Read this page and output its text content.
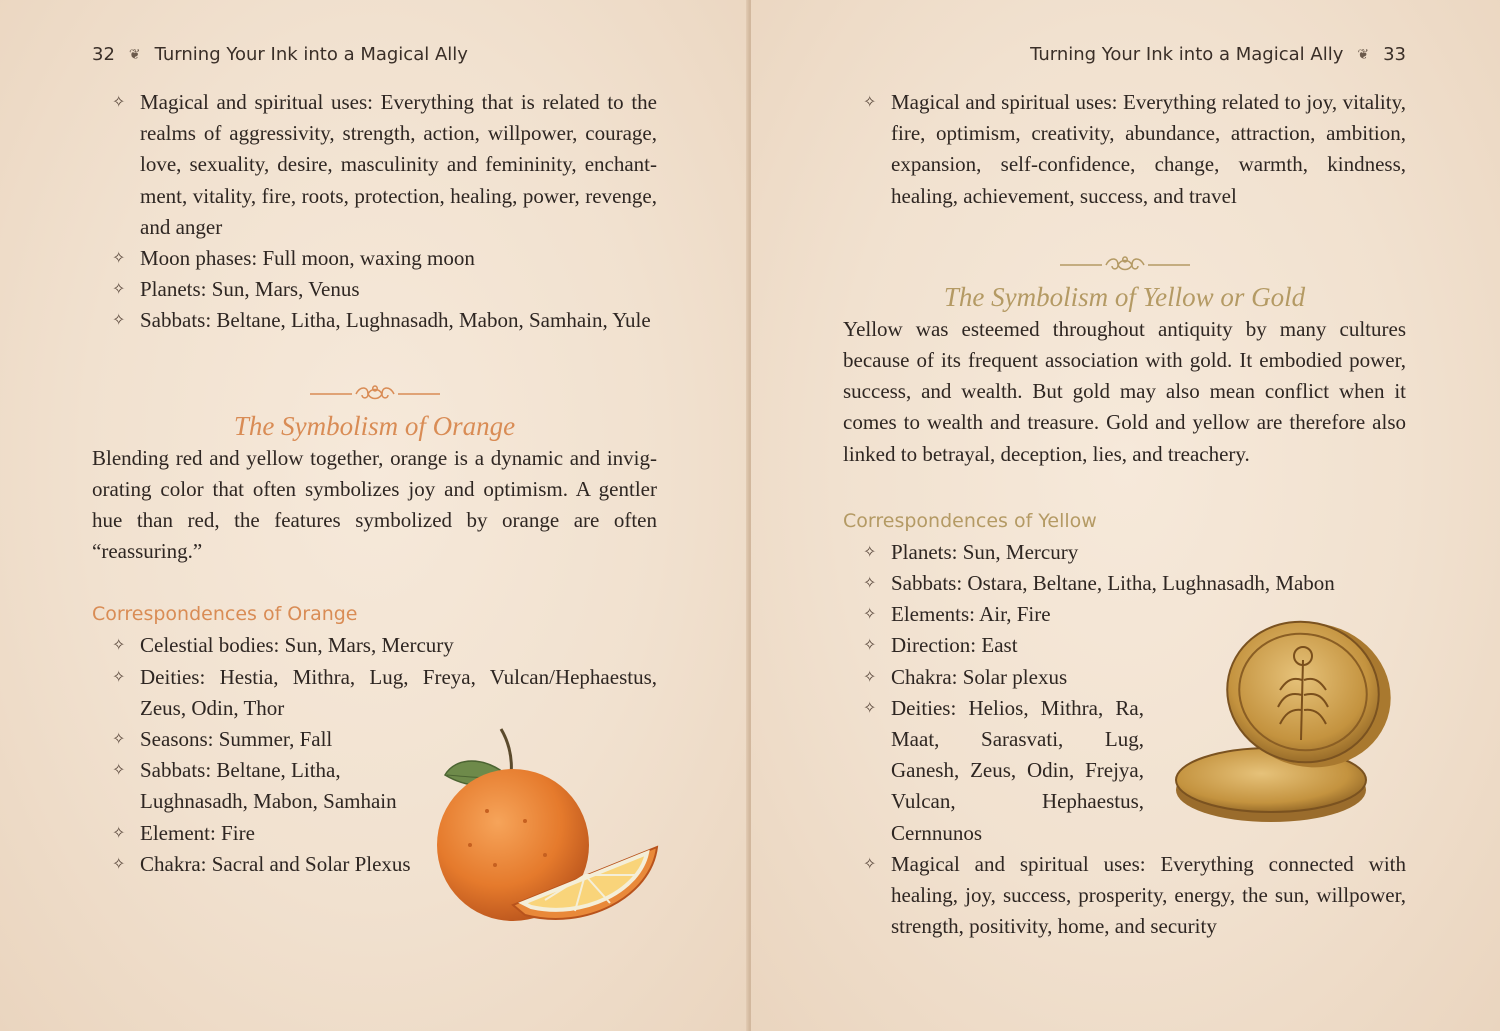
32 ❦ Turning Your Ink into a Magical Ally
✧ Magical and spiritual uses: Everything that is related to the realms of aggressivity, strength, action, willpower, courage, love, sexuality, desire, masculinity and femininity, enchantment, vitality, fire, roots, protection, healing, power, revenge, and anger
✧ Moon phases: Full moon, waxing moon
✧ Planets: Sun, Mars, Venus
✧ Sabbats: Beltane, Litha, Lughnasadh, Mabon, Samhain, Yule
The Symbolism of Orange

Blending red and yellow together, orange is a dynamic and invigorating color that often symbolizes joy and optimism. A gentler hue than red, the features symbolized by orange are often “reassuring.”

Correspondences of Orange

✧ Celestial bodies: Sun, Mars, Mercury
✧ Deities: Hestia, Mithra, Lug, Freya, Vulcan/Hephaestus, Zeus, Odin, Thor
✧ Seasons: Summer, Fall
✧ Sabbats: Beltane, Litha, Lughnasadh, Mabon, Samhain
✧ Element: Fire
✧ Chakra: Sacral and Solar Plexus
Turning Your Ink into a Magical Ally ❦ 33
✧ Magical and spiritual uses: Everything related to joy, vitality, fire, optimism, creativity, abundance, attraction, ambition, expansion, self-confidence, change, warmth, kindness, healing, achievement, success, and travel
The Symbolism of Yellow or Gold

Yellow was esteemed throughout antiquity by many cultures because of its frequent association with gold. It embodied power, success, and wealth. But gold may also mean conflict when it comes to wealth and treasure. Gold and yellow are therefore also linked to betrayal, deception, lies, and treachery.

Correspondences of Yellow

✧ Planets: Sun, Mercury
✧ Sabbats: Ostara, Beltane, Litha, Lughnasadh, Mabon
✧ Elements: Air, Fire
✧ Direction: East
✧ Chakra: Solar plexus
✧ Deities: Helios, Mithra, Ra, Maat, Sarasvati, Lug, Ganesh, Zeus, Odin, Frejya, Vulcan, Hephaestus, Cernnunos
✧ Magical and spiritual uses: Everything connected with healing, joy, success, prosperity, energy, the sun, willpower, strength, positivity, home, and security
